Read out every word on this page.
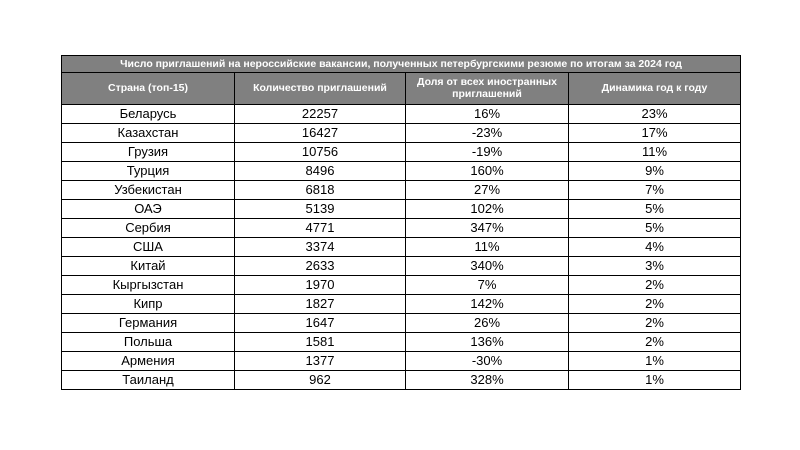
Число приглашений на нероссийские вакансии, полученных петербургскими резюме по итогам за 2024 год			

Страна (топ-15)	Количество приглашений	Доля от всех иностранных приглашений	Динамика год к году

Беларусь	22257	16%	23%
Казахстан	16427	-23%	17%
Грузия	10756	-19%	11%
Турция	8496	160%	9%
Узбекистан	6818	27%	7%
ОАЭ	5139	102%	5%
Сербия	4771	347%	5%
США	3374	11%	4%
Китай	2633	340%	3%
Кыргызстан	1970	7%	2%
Кипр	1827	142%	2%
Германия	1647	26%	2%
Польша	1581	136%	2%
Армения	1377	-30%	1%
Таиланд	962	328%	1%
